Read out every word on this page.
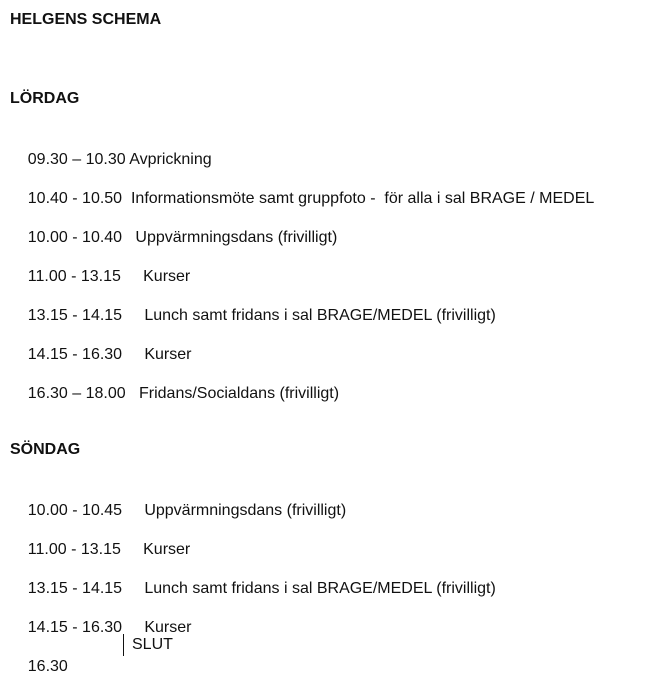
HELGENS SCHEMA
LÖRDAG

09.30 – 10.30 Avprickning

10.40 - 10.50 Informationsmöte samt gruppfoto -  för alla i sal BRAGE / MEDEL

10.00 - 10.40 Uppvärmningsdans (frivilligt)

11.00 - 13.15 Kurser

13.15 - 14.15 Lunch samt fridans i sal BRAGE/MEDEL (frivilligt)

14.15 - 16.30 Kurser

16.30 – 18.00 Fridans/Socialdans (frivilligt)

SÖNDAG

10.00 - 10.45 Uppvärmningsdans (frivilligt)

11.00 - 13.15 Kurser

13.15 - 14.15 Lunch samt fridans i sal BRAGE/MEDEL (frivilligt)

14.15 - 16.30 Kurser

16.30

SLUT
